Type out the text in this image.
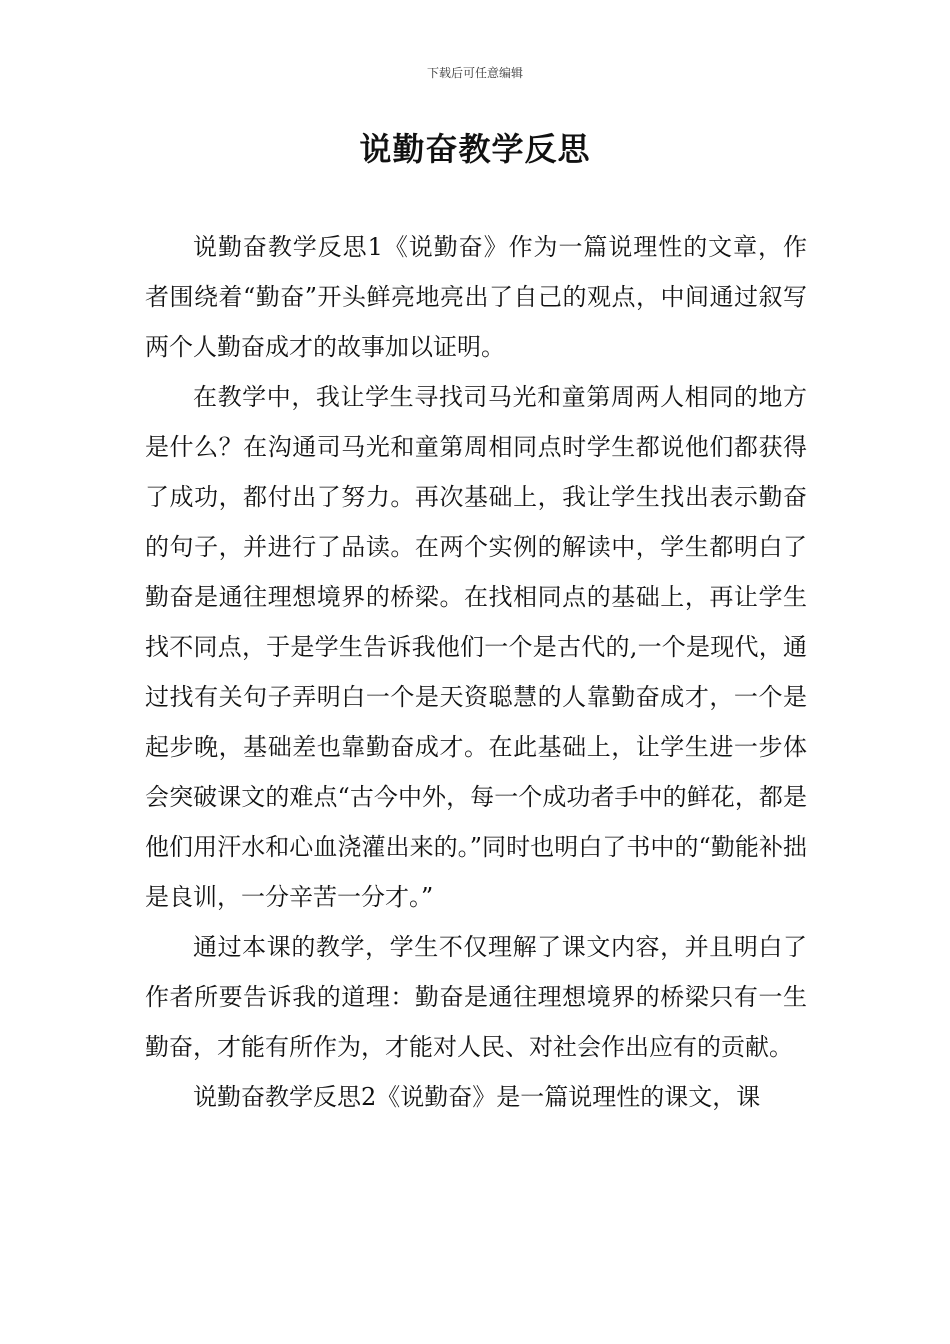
下载后可任意编辑
说勤奋教学反思

说勤奋教学反思1《说勤奋》作为一篇说理性的文章，作者围绕着“勤奋”开头鲜亮地亮出了自己的观点，中间通过叙写两个人勤奋成才的故事加以证明。

在教学中，我让学生寻找司马光和童第周两人相同的地方是什么？在沟通司马光和童第周相同点时学生都说他们都获得了成功，都付出了努力。再次基础上，我让学生找出表示勤奋的句子，并进行了品读。在两个实例的解读中，学生都明白了勤奋是通往理想境界的桥梁。在找相同点的基础上，再让学生找不同点，于是学生告诉我他们一个是古代的,一个是现代，通过找有关句子弄明白一个是天资聪慧的人靠勤奋成才，一个是起步晚，基础差也靠勤奋成才。在此基础上，让学生进一步体会突破课文的难点“古今中外，每一个成功者手中的鲜花，都是他们用汗水和心血浇灌出来的。”同时也明白了书中的“勤能补拙是良训，一分辛苦一分才。”

通过本课的教学，学生不仅理解了课文内容，并且明白了作者所要告诉我的道理：勤奋是通往理想境界的桥梁只有一生勤奋，才能有所作为，才能对人民、对社会作出应有的贡献。

说勤奋教学反思2《说勤奋》是一篇说理性的课文，课
